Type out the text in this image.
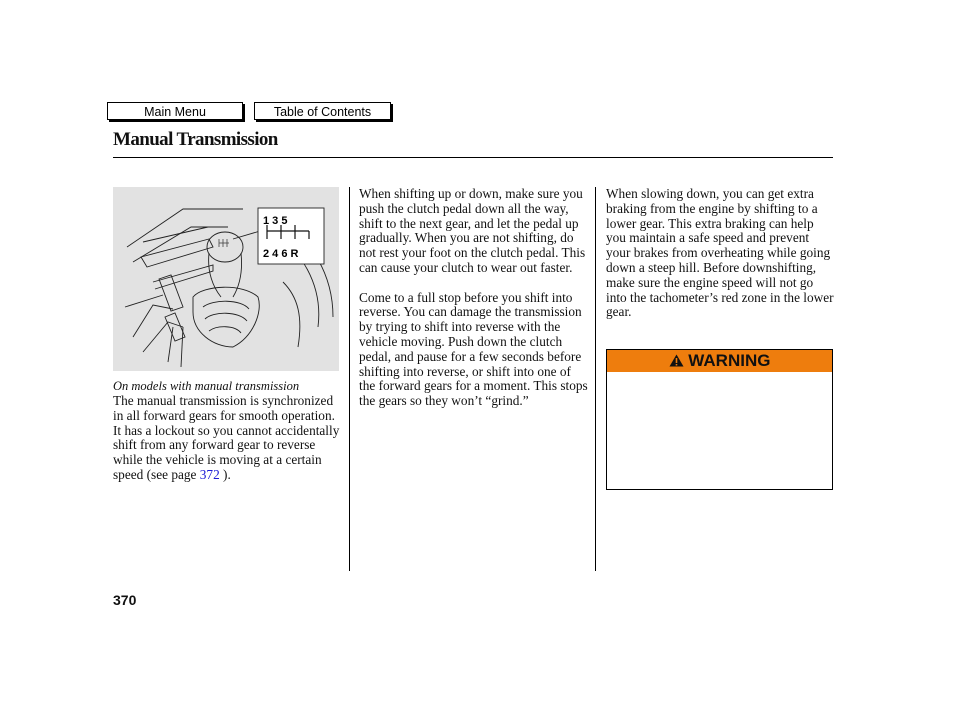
Main Menu	Table of Contents
Manual Transmission
1 3 5
2 4 6 R
On models with manual transmission

The manual transmission is synchronized in all forward gears for smooth operation. It has a lockout so you cannot accidentally shift from any forward gear to reverse while the vehicle is moving at a certain speed (see page 372 ).

When shifting up or down, make sure you push the clutch pedal down all the way, shift to the next gear, and let the pedal up gradually. When you are not shifting, do not rest your foot on the clutch pedal. This can cause your clutch to wear out faster.

Come to a full stop before you shift into reverse. You can damage the transmission by trying to shift into reverse with the vehicle moving. Push down the clutch pedal, and pause for a few seconds before shifting into reverse, or shift into one of the forward gears for a moment. This stops the gears so they won’t “grind.”

When slowing down, you can get extra braking from the engine by shifting to a lower gear. This extra braking can help you maintain a safe speed and prevent your brakes from overheating while going down a steep hill. Before downshifting, make sure the engine speed will not go into the tachometer’s red zone in the lower gear.

WARNING
370
